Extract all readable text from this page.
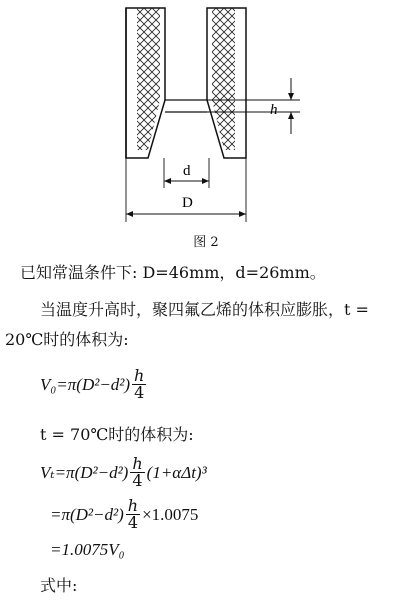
h
d
D
图 2
已知常温条件下: D=46mm，d=26mm。
当温度升高时，聚四氟乙烯的体积应膨胀，t =
20℃时的体积为:
$V_0=\pi(D^2-d^2) \frac{h}{4}$
t = 70℃时的体积为:
$V_t=\pi(D^2-d^2) \frac{h}{4} (1+\alpha\Delta t)^3$
$=\pi(D^2-d^2) \frac{h}{4} \times 1.0075$
=1.0075V₀
式中:
